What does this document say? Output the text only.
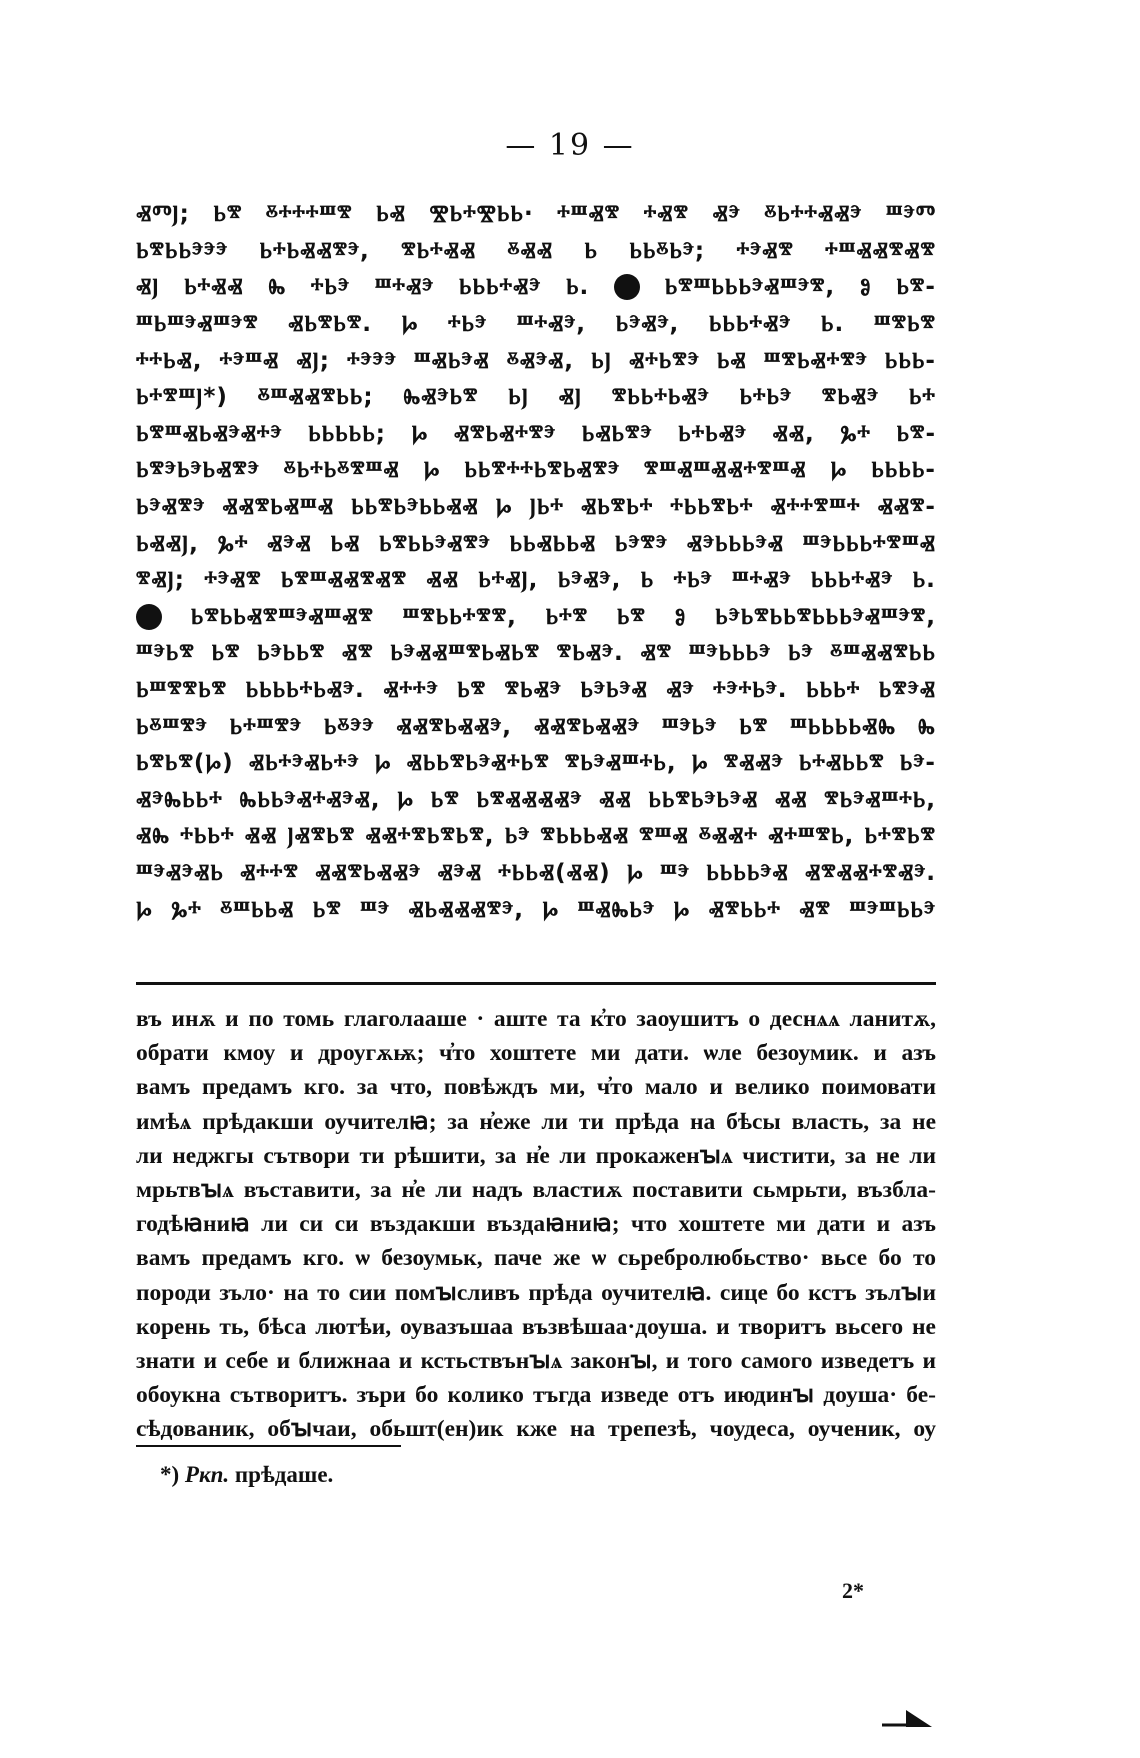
— 19 —
ⰟⰕⰬ; Ⱃⰺ ⰻⰰⰰⰰⰞⰺ ⰓⰟ ⰊⰓⰰⰊⰓⰓ· ⰰⰞⰟⰺ ⰰⰟⰺ Ⱏⰵ ⰻⰓⰰⰰⰟⰟⰵ ⰞⰵⰕ
ⰓⰺⰓⰓⰵⰵⰵ ⰓⰰⰓⰟⰟⰺⰵ, ⰺⰓⰰⰟⰟ ⰻⰟⰟ Ⱃ ⰓⰓⰻⰓⰵ; ⰰⰵⰟⰺ ⰰⰞⰟⰟⰺⰟⰺ
ⰟⰬ ⰓⰰⰟⰟ Ⰸ ⰰⰓⰵ ⰞⰰⰟⰵ ⰓⰓⰓⰰⰟⰵ Ⱃ.	ⰓⰺⰞⰓⰓⰓⰵⰟⰞⰵⰺ, Ⱁ Ⱃⰺ-
ⰞⰓⰞⰵⰟⰞⰵⰺ ⰟⰓⰺⰓⰺ. Ⱈ ⰰⰓⰵ ⰞⰰⰟⰵ, ⰓⰵⰟⰵ, ⰓⰓⰓⰰⰟⰵ Ⱃ. ⰞⰺⰓⰺ
ⰰⰰⰓⰟ, ⰰⰵⰞⰟ ⰟⰬ; ⰰⰵⰵⰵ ⰞⰟⰓⰵⰟ ⰻⰟⰵⰟ, ⰓⰬ ⰟⰰⰓⰺⰵ ⰓⰟ ⰞⰺⰓⰟⰰⰺⰵ ⰓⰓⰓ-
ⰓⰰⰺⰞⰬ*) ⰻⰞⰟⰟⰺⰓⰓ; ⰈⰟⰵⰓⰺ ⰓⰬ ⰟⰬ ⰺⰓⰓⰰⰓⰟⰵ ⰓⰰⰓⰵ ⰺⰓⰟⰵ Ⱃⰰ
ⰓⰺⰞⰟⰓⰟⰵⰟⰰⰵ ⰓⰓⰓⰓⰓ; Ⱈ ⰟⰺⰓⰟⰰⰺⰵ ⰓⰟⰓⰺⰵ ⰓⰰⰓⰟⰵ ⰟⰟ, Ⰳⰰ Ⱃⰺ-
ⰓⰺⰵⰓⰵⰓⰟⰺⰵ ⰻⰓⰰⰓⰻⰺⰞⰟ Ⱈ ⰓⰓⰺⰰⰰⰓⰺⰓⰟⰺⰵ ⰺⰞⰟⰞⰟⰟⰰⰺⰞⰟ Ⱈ ⰓⰓⰓⰓ-
ⰓⰵⰟⰺⰵ ⰟⰟⰺⰓⰟⰞⰟ ⰓⰓⰺⰓⰵⰓⰓⰟⰟ Ⱈ ⰬⰓⰰ ⰟⰓⰺⰓⰰ ⰰⰓⰓⰺⰓⰰ ⰟⰰⰰⰺⰞⰰ ⰟⰟⰺ-
ⰓⰟⰟⰬ, Ⰳⰰ ⰟⰵⰟ ⰓⰟ ⰓⰺⰓⰓⰵⰟⰺⰵ ⰓⰓⰟⰓⰓⰟ Ⱃⰵⰺⰵ ⰟⰵⰓⰓⰓⰵⰟ ⰞⰵⰓⰓⰓⰰⰺⰞⰟ
ⰺⰟⰬ; ⰰⰵⰟⰺ ⰓⰺⰞⰟⰟⰺⰟⰺ ⰟⰟ ⰓⰰⰟⰬ, ⰓⰵⰟⰵ, Ⱃ ⰰⰓⰵ ⰞⰰⰟⰵ ⰓⰓⰓⰰⰟⰵ Ⱃ.
ⰓⰺⰓⰓⰟⰺⰞⰵⰟⰞⰟⰺ ⰞⰺⰓⰓⰰⰺⰺ, Ⱃⰰⰺ Ⱃⰺ Ⱁ ⰓⰵⰓⰺⰓⰓⰺⰓⰓⰓⰵⰟⰞⰵⰺ,
ⰞⰵⰓⰺ Ⱃⰺ ⰓⰵⰓⰓⰺ Ⱏⰺ ⰓⰵⰟⰟⰞⰺⰓⰟⰓⰺ ⰺⰓⰟⰵ. Ⱏⰺ ⰞⰵⰓⰓⰓⰵ Ⱃⰵ ⰻⰞⰟⰟⰺⰓⰓ
ⰓⰞⰺⰺⰓⰺ ⰓⰓⰓⰓⰰⰓⰟⰵ. Ⱏⰰⰰⰵ Ⱃⰺ ⰺⰓⰟⰵ ⰓⰵⰓⰵⰟ Ⱏⰵ ⰰⰵⰰⰓⰵ. ⰓⰓⰓⰰ ⰓⰺⰵⰟ
ⰓⰻⰞⰺⰵ ⰓⰰⰞⰺⰵ Ⱃⰻⰵⰵ ⰟⰟⰺⰓⰟⰟⰵ, ⰟⰟⰺⰓⰟⰟⰵ ⰞⰵⰓⰵ Ⱃⰺ ⰞⰓⰓⰓⰓⰟⰈ Ⰸ
ⰓⰺⰓⰺ(Ⱈ) ⰟⰓⰰⰵⰟⰓⰰⰵ Ⱈ ⰟⰓⰓⰺⰓⰵⰟⰰⰓⰺ ⰺⰓⰵⰟⰞⰰⰓ, Ⱈ ⰺⰟⰟⰵ ⰓⰰⰟⰓⰓⰺ Ⱃⰵ-
ⰟⰵⰈⰓⰓⰰ ⰈⰓⰓⰵⰟⰰⰟⰵⰟ, Ⱈ Ⱃⰺ ⰓⰺⰟⰟⰟⰟⰵ ⰟⰟ ⰓⰓⰺⰓⰵⰓⰵⰟ ⰟⰟ ⰺⰓⰵⰟⰞⰰⰓ,
ⰟⰈ ⰰⰓⰓⰰ ⰟⰟ ⰬⰟⰺⰓⰺ ⰟⰟⰰⰺⰓⰺⰓⰺ, Ⱃⰵ ⰺⰓⰓⰓⰟⰟ ⰺⰞⰟ ⰻⰟⰟⰰ ⰟⰰⰞⰺⰓ, ⰓⰰⰺⰓⰺ
ⰞⰵⰟⰵⰟⰓ Ⱏⰰⰰⰺ ⰟⰟⰺⰓⰟⰟⰵ ⰟⰵⰟ ⰰⰓⰓⰟ(ⰟⰟ) Ⱈ Ⱎⰵ ⰓⰓⰓⰓⰵⰟ ⰟⰺⰟⰟⰰⰺⰟⰵ.
Ⱈ Ⰳⰰ ⰻⰞⰓⰓⰟ Ⱃⰺ Ⱎⰵ ⰟⰓⰟⰟⰟⰺⰵ, Ⱈ ⰞⰟⰈⰓⰵ Ⱈ ⰟⰺⰓⰓⰰ Ⱏⰺ ⰞⰵⰞⰓⰓⰵ
въ инѫ и по томь глаголааше · аште та к҆то заоушитъ о деснѧѧ ланитѫ,
обрати кмоу и дроугѫѭ; ч҆то хоштете ми дати. ѡле безоумик. и азъ
вамъ предамъ кго. за что, повѣждъ ми, ч҆то мало и велико поимовати
имѣѧ прѣдакши оучителꙗ; за н҆еже ли ти прѣда на бѣсы власть, за не
ли неджгы сътвори ти рѣшити, за н҆е ли прокаженꙑѧ чистити, за не ли
мрьтвꙑѧ въставити, за н҆е ли надъ властиѫ поставити сьмрьти, възбла-
годѣꙗниꙗ ли си си въздакши въздаꙗниꙗ; что хоштете ми дати и азъ
вамъ предамъ кго. ѡ безоумьк, паче же ѡ сьребролюбьство· вьсе бо то
породи зъло· на то сии помꙑсливъ прѣда оучителꙗ. сице бо кстъ зълꙑи
корень ть, бѣса лютѣи, оувазъшаа възвѣшаа·доуша. и творитъ вьсего не
знати и себе и ближнаа и кстьствънꙑѧ законꙑ, и того самого изведетъ и
обоукна сътворитъ. зъри бо колико тъгда изведе отъ июдинꙑ доуша· бе-
сѣдованик, обꙑчаи, обьшт(ен)ик кже на трепезѣ, чоудеса, оученик, оу
*) Ркп. прѣдаше.
2*
